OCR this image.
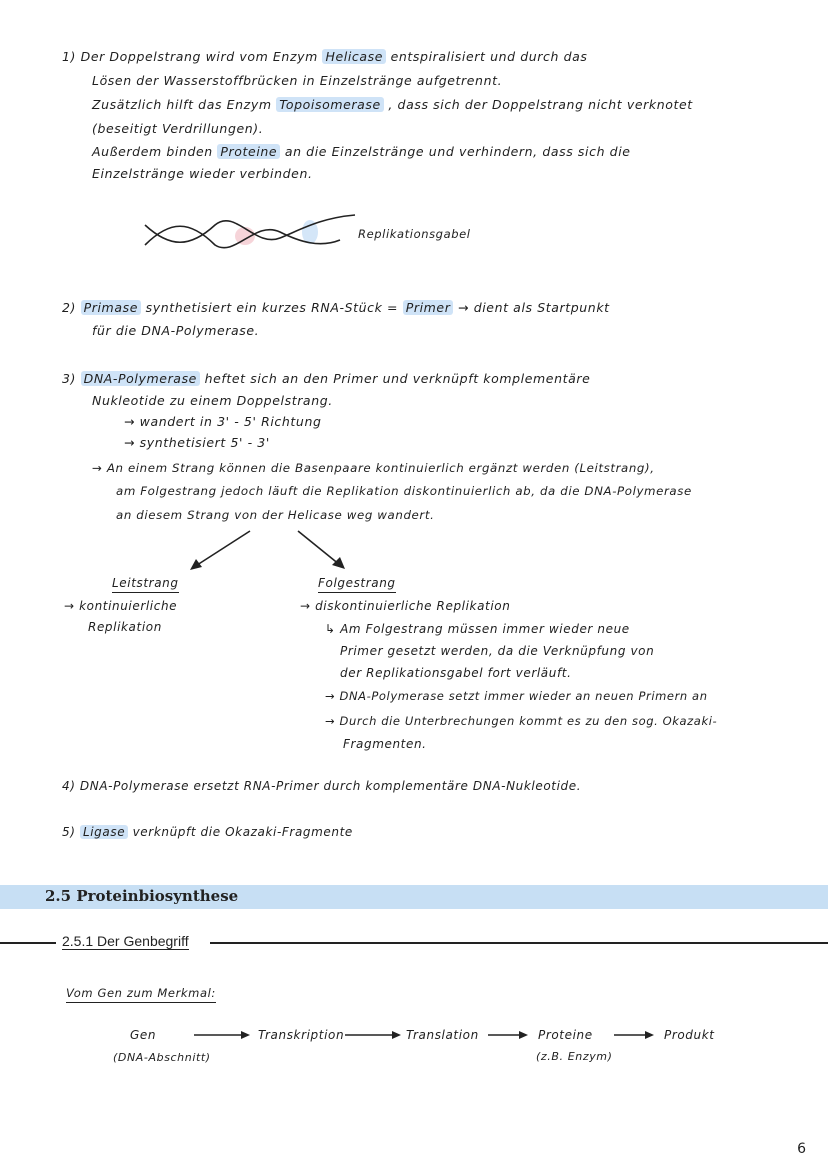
1) Der Doppelstrang wird vom Enzym Helicase entspiralisiert und durch das
Lösen der Wasserstoffbrücken in Einzelstränge aufgetrennt.
Zusätzlich hilft das Enzym Topoisomerase , dass sich der Doppelstrang nicht verknotet
(beseitigt Verdrillungen).
Außerdem binden Proteine an die Einzelstränge und verhindern, dass sich die
Einzelstränge wieder verbinden.
Replikationsgabel
2) Primase synthetisiert ein kurzes RNA-Stück = Primer → dient als Startpunkt
für die DNA-Polymerase.
3) DNA-Polymerase heftet sich an den Primer und verknüpft komplementäre
Nukleotide zu einem Doppelstrang.
→ wandert in 3' - 5' Richtung
→ synthetisiert 5' - 3'
→ An einem Strang können die Basenpaare kontinuierlich ergänzt werden (Leitstrang),
am Folgestrang jedoch läuft die Replikation diskontinuierlich ab, da die DNA-Polymerase
an diesem Strang von der Helicase weg wandert.
Leitstrang
→ kontinuierliche
Replikation
Folgestrang
→ diskontinuierliche Replikation
↳ Am Folgestrang müssen immer wieder neue
Primer gesetzt werden, da die Verknüpfung von
der Replikationsgabel fort verläuft.
→ DNA-Polymerase setzt immer wieder an neuen Primern an
→ Durch die Unterbrechungen kommt es zu den sog. Okazaki-
Fragmenten.
4) DNA-Polymerase ersetzt RNA-Primer durch komplementäre DNA-Nukleotide.
5) Ligase verknüpft die Okazaki-Fragmente
2.5 Proteinbiosynthese
2.5.1 Der Genbegriff
Vom Gen zum Merkmal:
Gen
(DNA-Abschnitt)
Transkription	Translation	Proteine
(z.B. Enzym)
Produkt
6
